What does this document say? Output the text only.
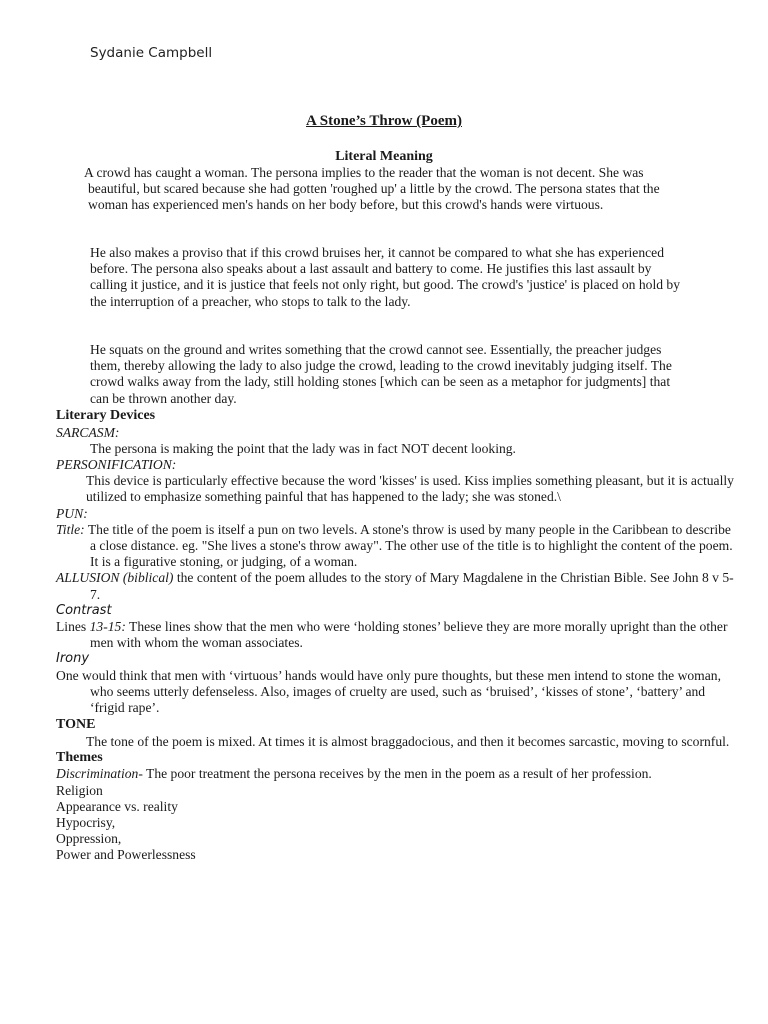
Sydanie Campbell
A Stone’s Throw (Poem)
Literal Meaning
A crowd has caught a woman. The persona implies to the reader that the woman is not decent. She was beautiful, but scared because she had gotten 'roughed up' a little by the crowd. The persona states that the woman has experienced men's hands on her body before, but this crowd's hands were virtuous.
He also makes a proviso that if this crowd bruises her, it cannot be compared to what she has experienced before. The persona also speaks about a last assault and battery to come. He justifies this last assault by calling it justice, and it is justice that feels not only right, but good. The crowd's 'justice' is placed on hold by the interruption of a preacher, who stops to talk to the lady.
He squats on the ground and writes something that the crowd cannot see. Essentially, the preacher judges them, thereby allowing the lady to also judge the crowd, leading to the crowd inevitably judging itself. The crowd walks away from the lady, still holding stones [which can be seen as a metaphor for judgments] that can be thrown another day.
Literary Devices
SARCASM:
The persona is making the point that the lady was in fact NOT decent looking.
PERSONIFICATION:
This device is particularly effective because the word 'kisses' is used. Kiss implies something pleasant, but it is actually utilized to emphasize something painful that has happened to the lady; she was stoned.\
PUN:
Title: The title of the poem is itself a pun on two levels. A stone's throw is used by many people in the Caribbean to describe a close distance. eg. "She lives a stone's throw away". The other use of the title is to highlight the content of the poem. It is a figurative stoning, or judging, of a woman.
ALLUSION (biblical) the content of the poem alludes to the story of Mary Magdalene in the Christian Bible. See John 8 v 5-7.
Contrast
Lines 13-15: These lines show that the men who were ‘holding stones’ believe they are more morally upright than the other men with whom the woman associates.
Irony
One would think that men with ‘virtuous’ hands would have only pure thoughts, but these men intend to stone the woman, who seems utterly defenseless. Also, images of cruelty are used, such as ‘bruised’, ‘kisses of stone’, ‘battery’ and ‘frigid rape’.
TONE
The tone of the poem is mixed. At times it is almost braggadocious, and then it becomes sarcastic, moving to scornful.
Themes
Discrimination- The poor treatment the persona receives by the men in the poem as a result of her profession.
Religion
Appearance vs. reality
Hypocrisy,
Oppression,
Power and Powerlessness
